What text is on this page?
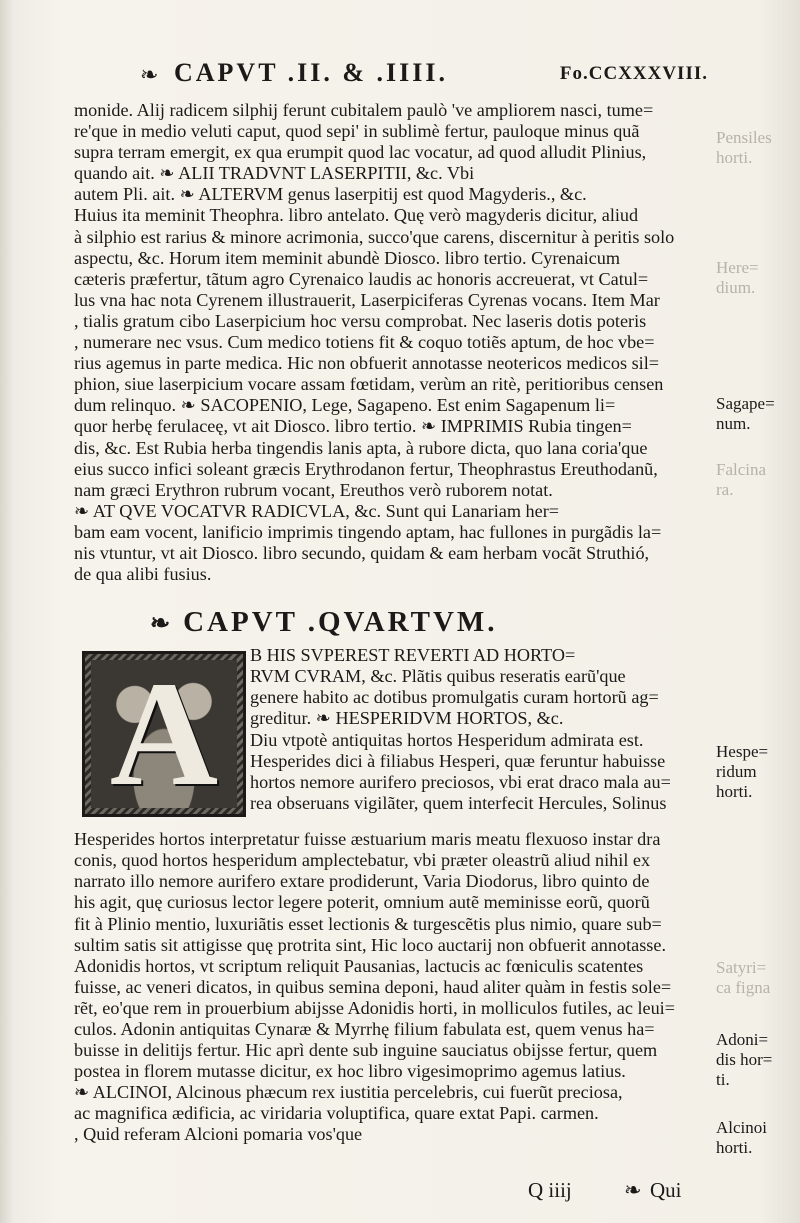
❧ CAPVT .II. & .IIII.	Fo.CCXXXVIII.
monide. Alij radicem silphij ferunt cubitalem paulò 've ampliorem nasci, tume=
re'que in medio veluti caput, quod sepi' in sublimè fertur, pauloque minus quã
supra terram emergit, ex qua erumpit quod lac vocatur, ad quod alludit Plinius,
quando ait. ❧ ALII TRADVNT LASERPITII, &c. Vbi
autem Pli. ait. ❧ ALTERVM genus laserpitij est quod Magyderis., &c.
Huius ita meminit Theophra. libro antelato. Quę verò magyderis dicitur, aliud
à silphio est rarius & minore acrimonia, succo'que carens, discernitur à peritis solo
aspectu, &c. Horum item meminit abundè Diosco. libro tertio. Cyrenaicum
cæteris præfertur, tãtum agro Cyrenaico laudis ac honoris accreuerat, vt Catul=
lus vna hac nota Cyrenem illustrauerit, Laserpiciferas Cyrenas vocans. Item Mar
, tialis gratum cibo Laserpicium hoc versu comprobat. Nec laseris dotis poteris
, numerare nec vsus. Cum medico totiens fit & coquo totiẽs aptum, de hoc vbe=
rius agemus in parte medica. Hic non obfuerit annotasse neotericos medicos sil=
phion, siue laserpicium vocare assam fœtidam, verùm an ritè, peritioribus censen
dum relinquo. ❧ SACOPENIO, Lege, Sagapeno. Est enim Sagapenum li=
quor herbę ferulaceę, vt ait Diosco. libro tertio. ❧ IMPRIMIS Rubia tingen=
dis, &c. Est Rubia herba tingendis lanis apta, à rubore dicta, quo lana coria'que
eius succo infici soleant græcis Erythrodanon fertur, Theophrastus Ereuthodanũ,
nam græci Erythron rubrum vocant, Ereuthos verò ruborem notat.
❧ AT QVE VOCATVR RADICVLA, &c. Sunt qui Lanariam her=
bam eam vocent, lanificio imprimis tingendo aptam, hac fullones in purgãdis la=
nis vtuntur, vt ait Diosco. libro secundo, quidam & eam herbam vocãt Struthió,
de qua alibi fusius.
❧ CAPVT .QVARTVM.
A	B HIS SVPEREST REVERTI AD HORTO=
RVM CVRAM, &c. Plãtis quibus reseratis earũ'que
genere habito ac dotibus promulgatis curam hortorũ ag=
greditur. ❧ HESPERIDVM HORTOS, &c.
Diu vtpotè antiquitas hortos Hesperidum admirata est.
Hesperides dici à filiabus Hesperi, quæ feruntur habuisse
hortos nemore aurifero preciosos, vbi erat draco mala au=
rea obseruans vigilãter, quem interfecit Hercules, Solinus
Hesperides hortos interpretatur fuisse æstuarium maris meatu flexuoso instar dra
conis, quod hortos hesperidum amplectebatur, vbi præter oleastrũ aliud nihil ex
narrato illo nemore aurifero extare prodiderunt, Varia Diodorus, libro quinto de
his agit, quę curiosus lector legere poterit, omnium autẽ meminisse eorũ, quorũ
fit à Plinio mentio, luxuriãtis esset lectionis & turgescẽtis plus nimio, quare sub=
sultim satis sit attigisse quę protrita sint, Hic loco auctarij non obfuerit annotasse.
Adonidis hortos, vt scriptum reliquit Pausanias, lactucis ac fœniculis scatentes
fuisse, ac veneri dicatos, in quibus semina deponi, haud aliter quàm in festis sole=
rẽt, eo'que rem in prouerbium abijsse Adonidis horti, in molliculos futiles, ac leui=
culos. Adonin antiquitas Cynaræ & Myrrhę filium fabulata est, quem venus ha=
buisse in delitijs fertur. Hic aprì dente sub inguine sauciatus obijsse fertur, quem
postea in florem mutasse dicitur, ex hoc libro vigesimoprimo agemus latius.
❧ ALCINOI, Alcinous phæcum rex iustitia percelebris, cui fuerũt preciosa,
ac magnifica ædificia, ac viridaria voluptifica, quare extat Papi. carmen.
, Quid referam Alcioni pomaria vos'que
Pensiles
horti.
Here=
dium.
Sagape=
num.
Falcina
ra.
Hespe=
ridum
horti.
Satyri=
ca figna
Adoni=
dis hor=
ti.
Alcinoi
horti.
Q iiij ❧ Qui
